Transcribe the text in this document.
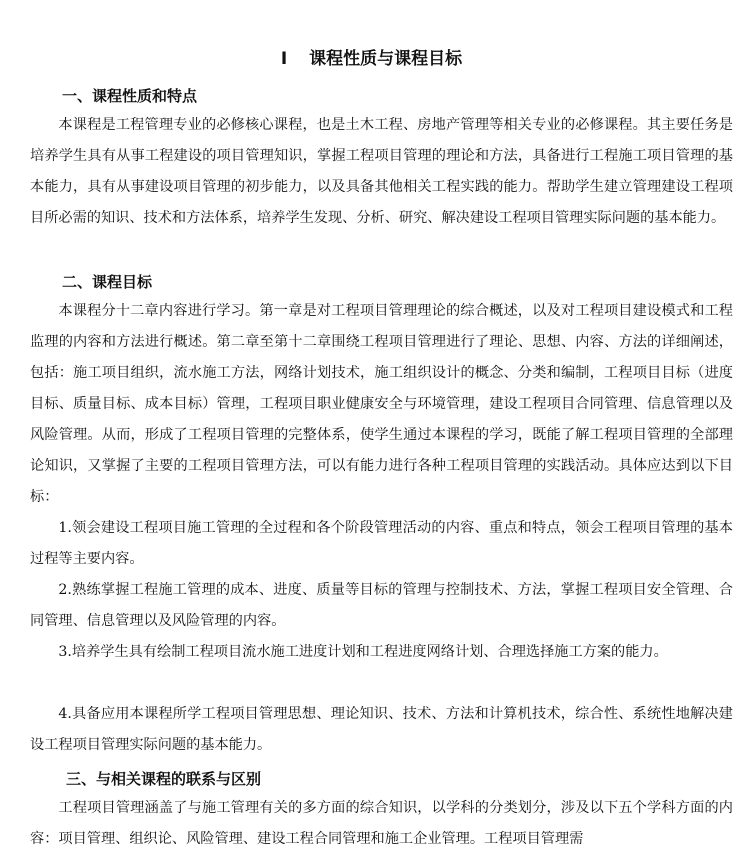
I 课程性质与课程目标
一、课程性质和特点
本课程是工程管理专业的必修核心课程，也是土木工程、房地产管理等相关专业的必修课程。其主要任务是培养学生具有从事工程建设的项目管理知识，掌握工程项目管理的理论和方法，具备进行工程施工项目管理的基本能力，具有从事建设项目管理的初步能力，以及具备其他相关工程实践的能力。帮助学生建立管理建设工程项目所必需的知识、技术和方法体系，培养学生发现、分析、研究、解决建设工程项目管理实际问题的基本能力。
二、课程目标
本课程分十二章内容进行学习。第一章是对工程项目管理理论的综合概述，以及对工程项目建设模式和工程监理的内容和方法进行概述。第二章至第十二章围绕工程项目管理进行了理论、思想、内容、方法的详细阐述，包括：施工项目组织，流水施工方法，网络计划技术，施工组织设计的概念、分类和编制，工程项目目标（进度目标、质量目标、成本目标）管理，工程项目职业健康安全与环境管理，建设工程项目合同管理、信息管理以及风险管理。从而，形成了工程项目管理的完整体系，使学生通过本课程的学习，既能了解工程项目管理的全部理论知识，又掌握了主要的工程项目管理方法，可以有能力进行各种工程项目管理的实践活动。具体应达到以下目标：
1.领会建设工程项目施工管理的全过程和各个阶段管理活动的内容、重点和特点，领会工程项目管理的基本过程等主要内容。
2.熟练掌握工程施工管理的成本、进度、质量等目标的管理与控制技术、方法，掌握工程项目安全管理、合同管理、信息管理以及风险管理的内容。
3.培养学生具有绘制工程项目流水施工进度计划和工程进度网络计划、合理选择施工方案的能力。
4.具备应用本课程所学工程项目管理思想、理论知识、技术、方法和计算机技术，综合性、系统性地解决建设工程项目管理实际问题的基本能力。
三、与相关课程的联系与区别
工程项目管理涵盖了与施工管理有关的多方面的综合知识，以学科的分类划分，涉及以下五个学科方面的内容：项目管理、组织论、风险管理、建设工程合同管理和施工企业管理。工程项目管理需
